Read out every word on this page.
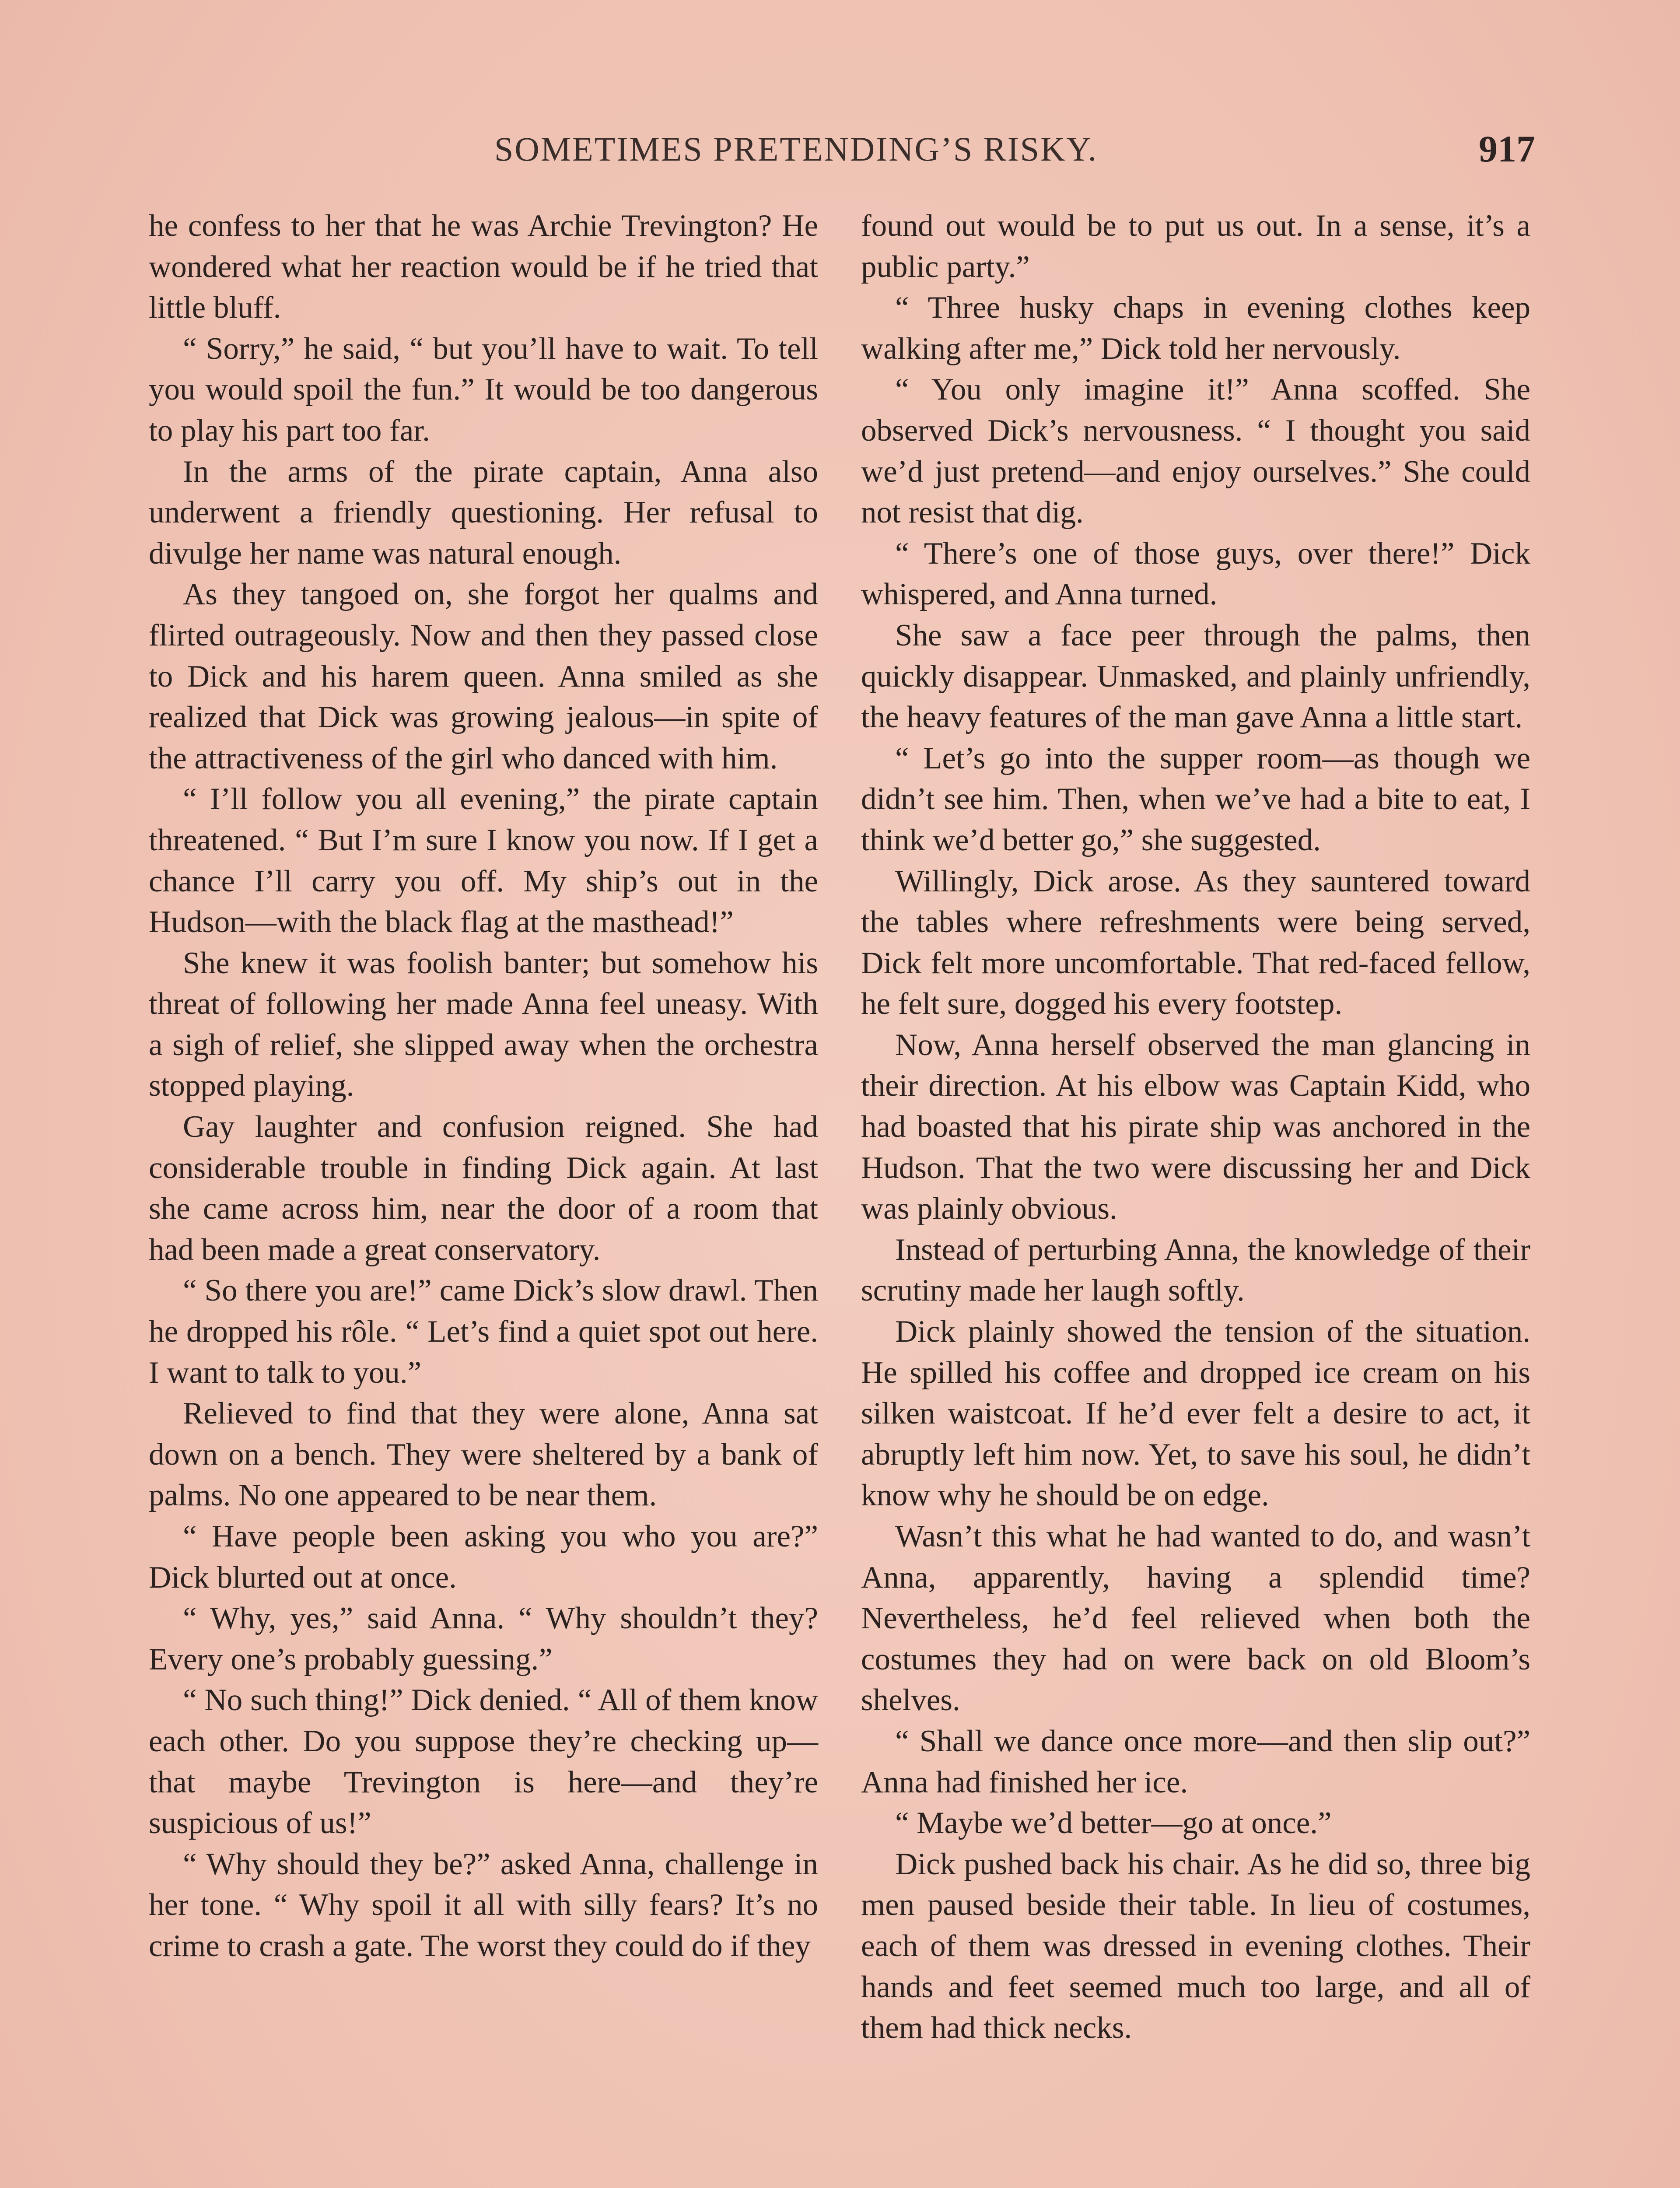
SOMETIMES PRETENDING’S RISKY.	917

he confess to her that he was Archie Trevington? He wondered what her reaction would be if he tried that little bluff.

“ Sorry,” he said, “ but you’ll have to wait. To tell you would spoil the fun.” It would be too dangerous to play his part too far.

In the arms of the pirate captain, Anna also underwent a friendly questioning. Her refusal to divulge her name was natural enough.

As they tangoed on, she forgot her qualms and flirted outrageously. Now and then they passed close to Dick and his harem queen. Anna smiled as she realized that Dick was growing jealous—in spite of the attractiveness of the girl who danced with him.

“ I’ll follow you all evening,” the pirate captain threatened. “ But I’m sure I know you now. If I get a chance I’ll carry you off. My ship’s out in the Hudson—with the black flag at the masthead!”

She knew it was foolish banter; but somehow his threat of following her made Anna feel uneasy. With a sigh of relief, she slipped away when the orchestra stopped playing.

Gay laughter and confusion reigned. She had considerable trouble in finding Dick again. At last she came across him, near the door of a room that had been made a great conservatory.

“ So there you are!” came Dick’s slow drawl. Then he dropped his rôle. “ Let’s find a quiet spot out here. I want to talk to you.”

Relieved to find that they were alone, Anna sat down on a bench. They were sheltered by a bank of palms. No one appeared to be near them.

“ Have people been asking you who you are?” Dick blurted out at once.

“ Why, yes,” said Anna. “ Why shouldn’t they? Every one’s probably guessing.”

“ No such thing!” Dick denied. “ All of them know each other. Do you suppose they’re checking up—that maybe Trevington is here—and they’re suspicious of us!”

“ Why should they be?” asked Anna, challenge in her tone. “ Why spoil it all with silly fears? It’s no crime to crash a gate. The worst they could do if they

found out would be to put us out. In a sense, it’s a public party.”

“ Three husky chaps in evening clothes keep walking after me,” Dick told her nervously.

“ You only imagine it!” Anna scoffed. She observed Dick’s nervousness. “ I thought you said we’d just pretend—and enjoy ourselves.” She could not resist that dig.

“ There’s one of those guys, over there!” Dick whispered, and Anna turned.

She saw a face peer through the palms, then quickly disappear. Unmasked, and plainly unfriendly, the heavy features of the man gave Anna a little start.

“ Let’s go into the supper room—as though we didn’t see him. Then, when we’ve had a bite to eat, I think we’d better go,” she suggested.

Willingly, Dick arose. As they sauntered toward the tables where refreshments were being served, Dick felt more uncomfortable. That red-faced fellow, he felt sure, dogged his every footstep.

Now, Anna herself observed the man glancing in their direction. At his elbow was Captain Kidd, who had boasted that his pirate ship was anchored in the Hudson. That the two were discussing her and Dick was plainly obvious.

Instead of perturbing Anna, the knowledge of their scrutiny made her laugh softly.

Dick plainly showed the tension of the situation. He spilled his coffee and dropped ice cream on his silken waistcoat. If he’d ever felt a desire to act, it abruptly left him now. Yet, to save his soul, he didn’t know why he should be on edge.

Wasn’t this what he had wanted to do, and wasn’t Anna, apparently, having a splendid time? Nevertheless, he’d feel relieved when both the costumes they had on were back on old Bloom’s shelves.

“ Shall we dance once more—and then slip out?” Anna had finished her ice.

“ Maybe we’d better—go at once.”

Dick pushed back his chair. As he did so, three big men paused beside their table. In lieu of costumes, each of them was dressed in evening clothes. Their hands and feet seemed much too large, and all of them had thick necks.
